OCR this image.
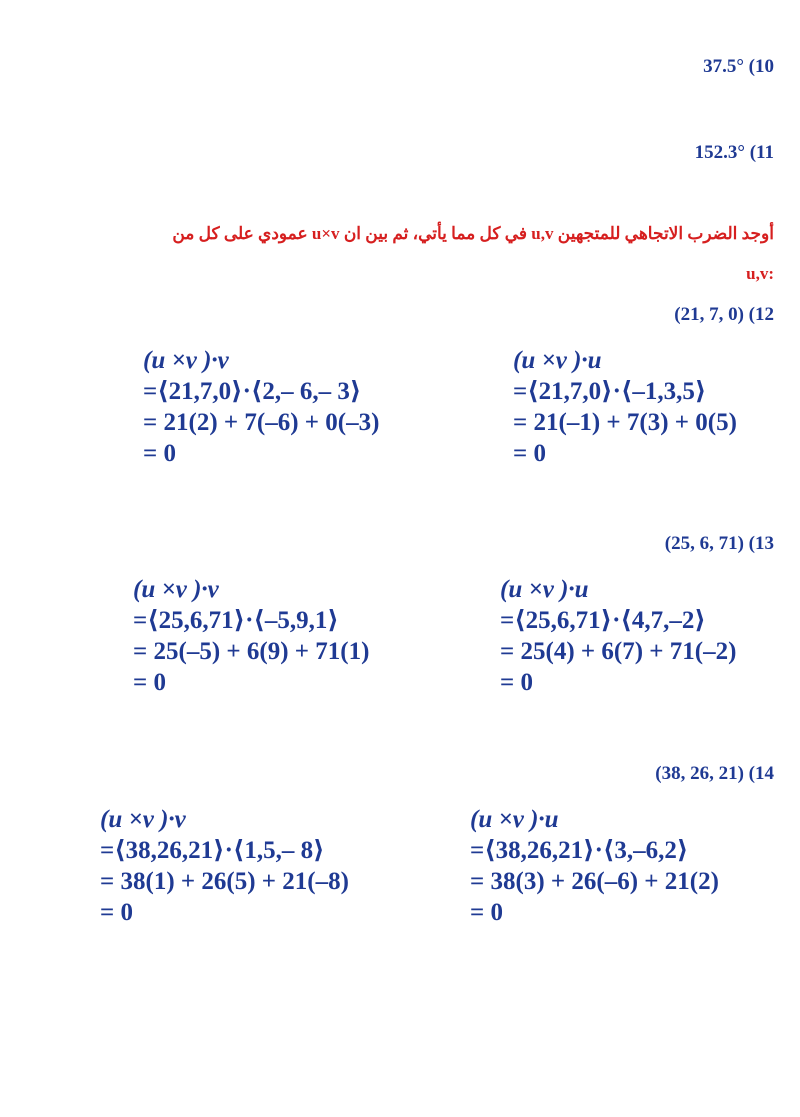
37.5° (10
152.3° (11
أوجد الضرب الاتجاهي للمتجهين u,v في كل مما يأتي، ثم بين ان u×v عمودي على كل من
:u,v
(21, 7, 0) (12
(u ×v )·v
=⟨21,7,0⟩·⟨2,– 6,– 3⟩
= 21(2) + 7(–6) + 0(–3)
= 0
(u ×v )·u
=⟨21,7,0⟩·⟨–1,3,5⟩
= 21(–1) + 7(3) + 0(5)
= 0
(25, 6, 71) (13
(u ×v )·v
=⟨25,6,71⟩·⟨–5,9,1⟩
= 25(–5) + 6(9) + 71(1)
= 0
(u ×v )·u
=⟨25,6,71⟩·⟨4,7,–2⟩
= 25(4) + 6(7) + 71(–2)
= 0
(38, 26, 21) (14
(u ×v )·v
=⟨38,26,21⟩·⟨1,5,– 8⟩
= 38(1) + 26(5) + 21(–8)
= 0
(u ×v )·u
=⟨38,26,21⟩·⟨3,–6,2⟩
= 38(3) + 26(–6) + 21(2)
= 0
